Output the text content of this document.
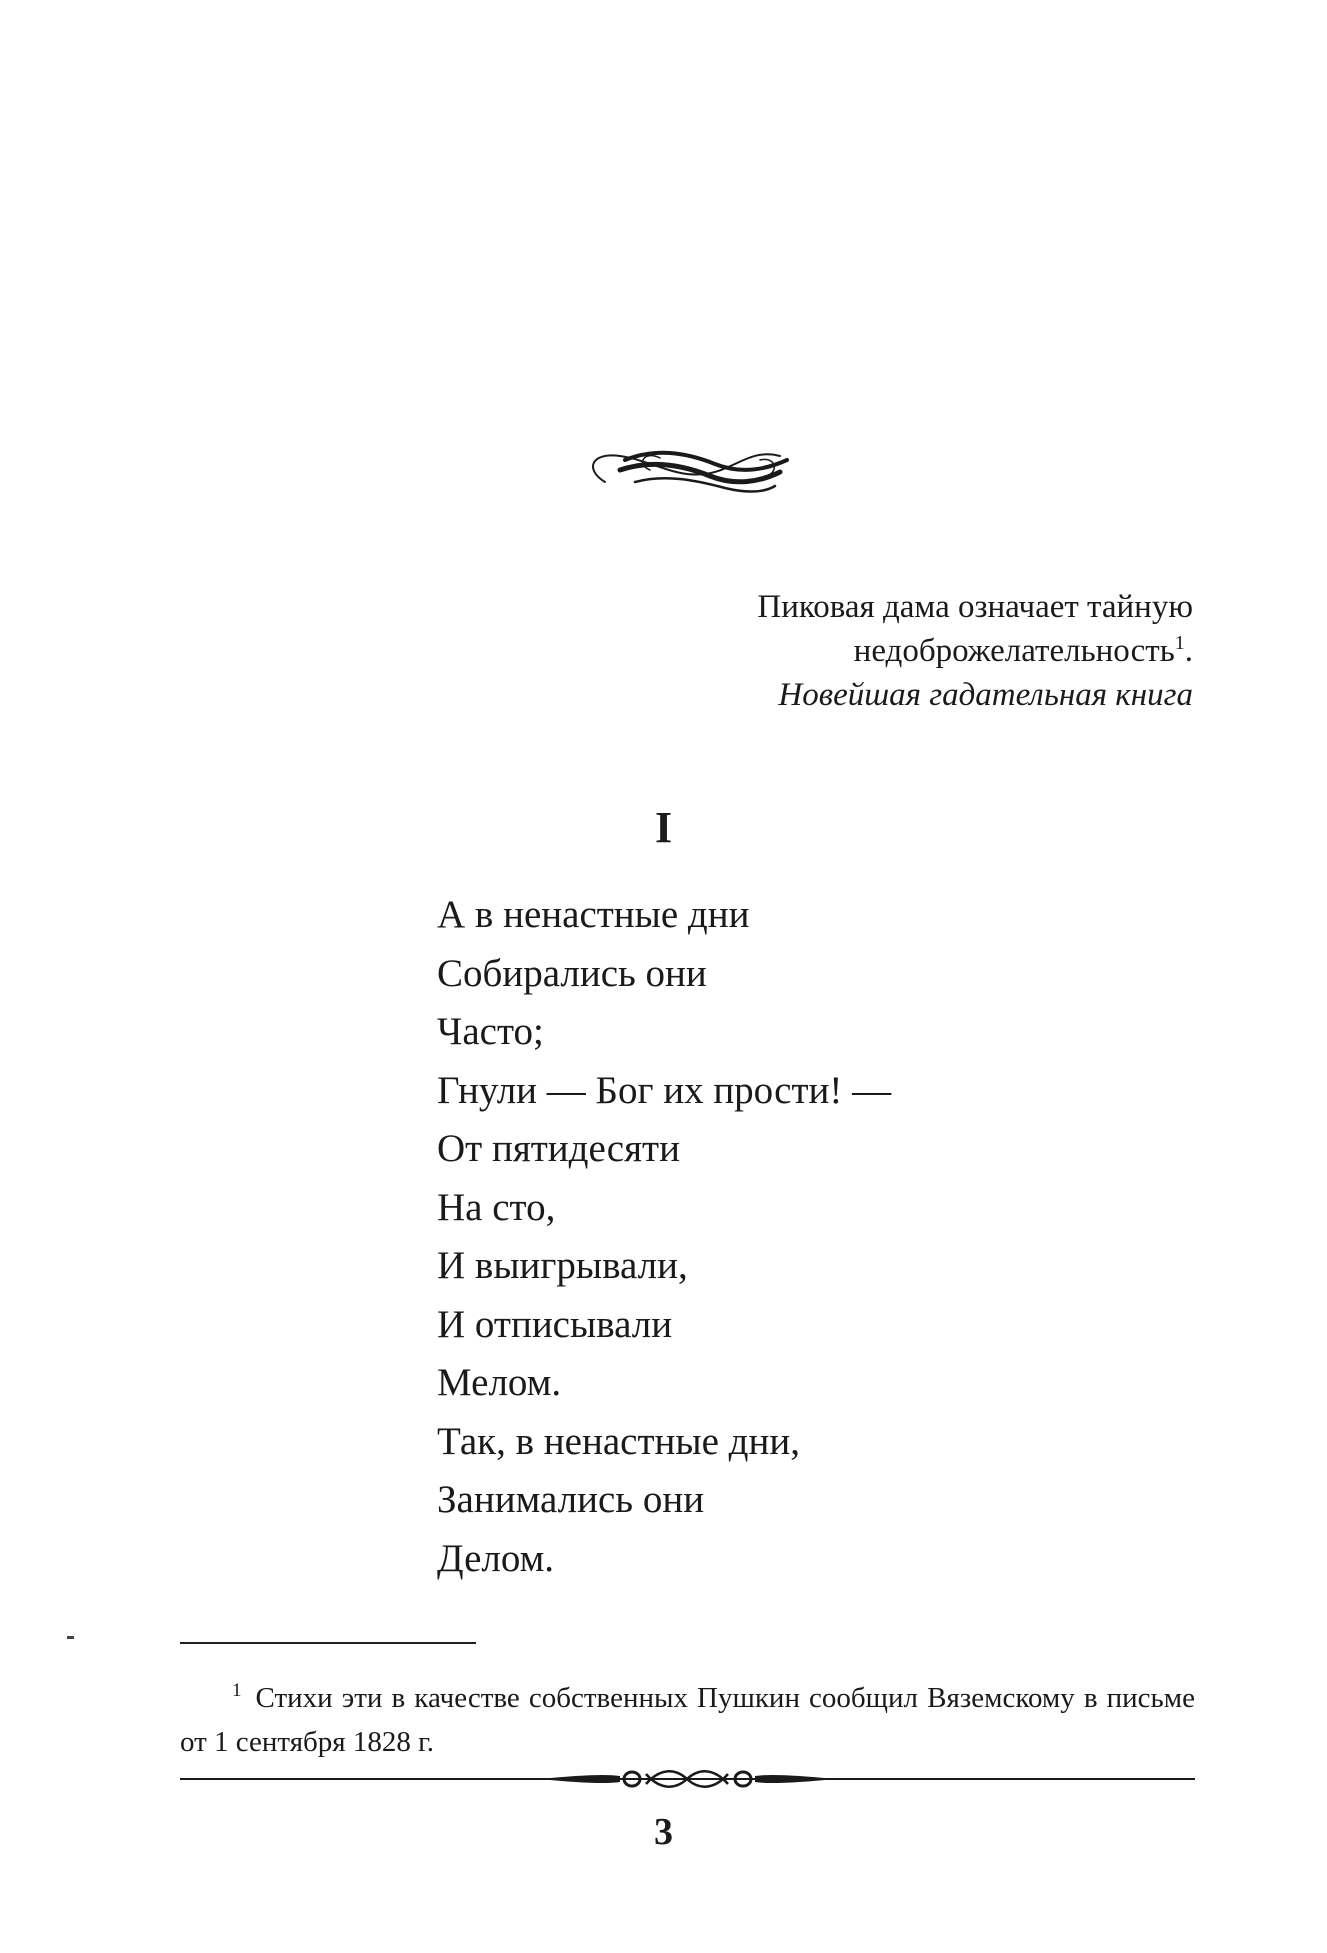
Пиковая дама означает тайную
недоброжелательность$^1$.
Новейшая гадательная книга
I
А в ненастные дни
Собирались они
Часто;
Гнули — Бог их прости! —
От пятидесяти
На сто,
И выигрывали,
И отписывали
Мелом.
Так, в ненастные дни,
Занимались они
Делом.
1 Стихи эти в качестве собственных Пушкин сообщил Вяземскому в письме от 1 сентября 1828 г.
3
